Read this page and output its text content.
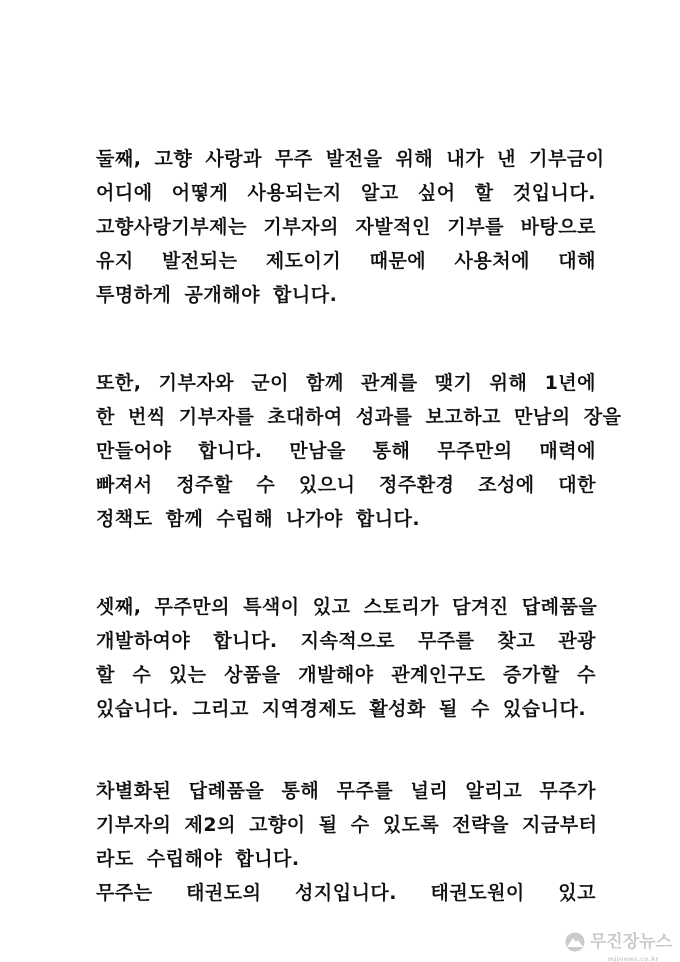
둘째, 고향 사랑과 무주 발전을 위해 내가 낸 기부금이
어디에 어떻게 사용되는지 알고 싶어 할 것입니다.
고향사랑기부제는 기부자의 자발적인 기부를 바탕으로
유지 발전되는 제도이기 때문에 사용처에 대해
투명하게 공개해야 합니다.
또한, 기부자와 군이 함께 관계를 맺기 위해 1년에
한 번씩 기부자를 초대하여 성과를 보고하고 만남의 장을
만들어야 합니다. 만남을 통해 무주만의 매력에
빠져서 정주할 수 있으니 정주환경 조성에 대한
정책도 함께 수립해 나가야 합니다.
셋째, 무주만의 특색이 있고 스토리가 담겨진 답례품을
개발하여야 합니다. 지속적으로 무주를 찾고 관광
할 수 있는 상품을 개발해야 관계인구도 증가할 수
있습니다. 그리고 지역경제도 활성화 될 수 있습니다.
차별화된 답례품을 통해 무주를 널리 알리고 무주가
기부자의 제2의 고향이 될 수 있도록 전략을 지금부터
라도 수립해야 합니다.
무주는 태권도의 성지입니다. 태권도원이 있고
무진장뉴스
mjjnews.co.kr
